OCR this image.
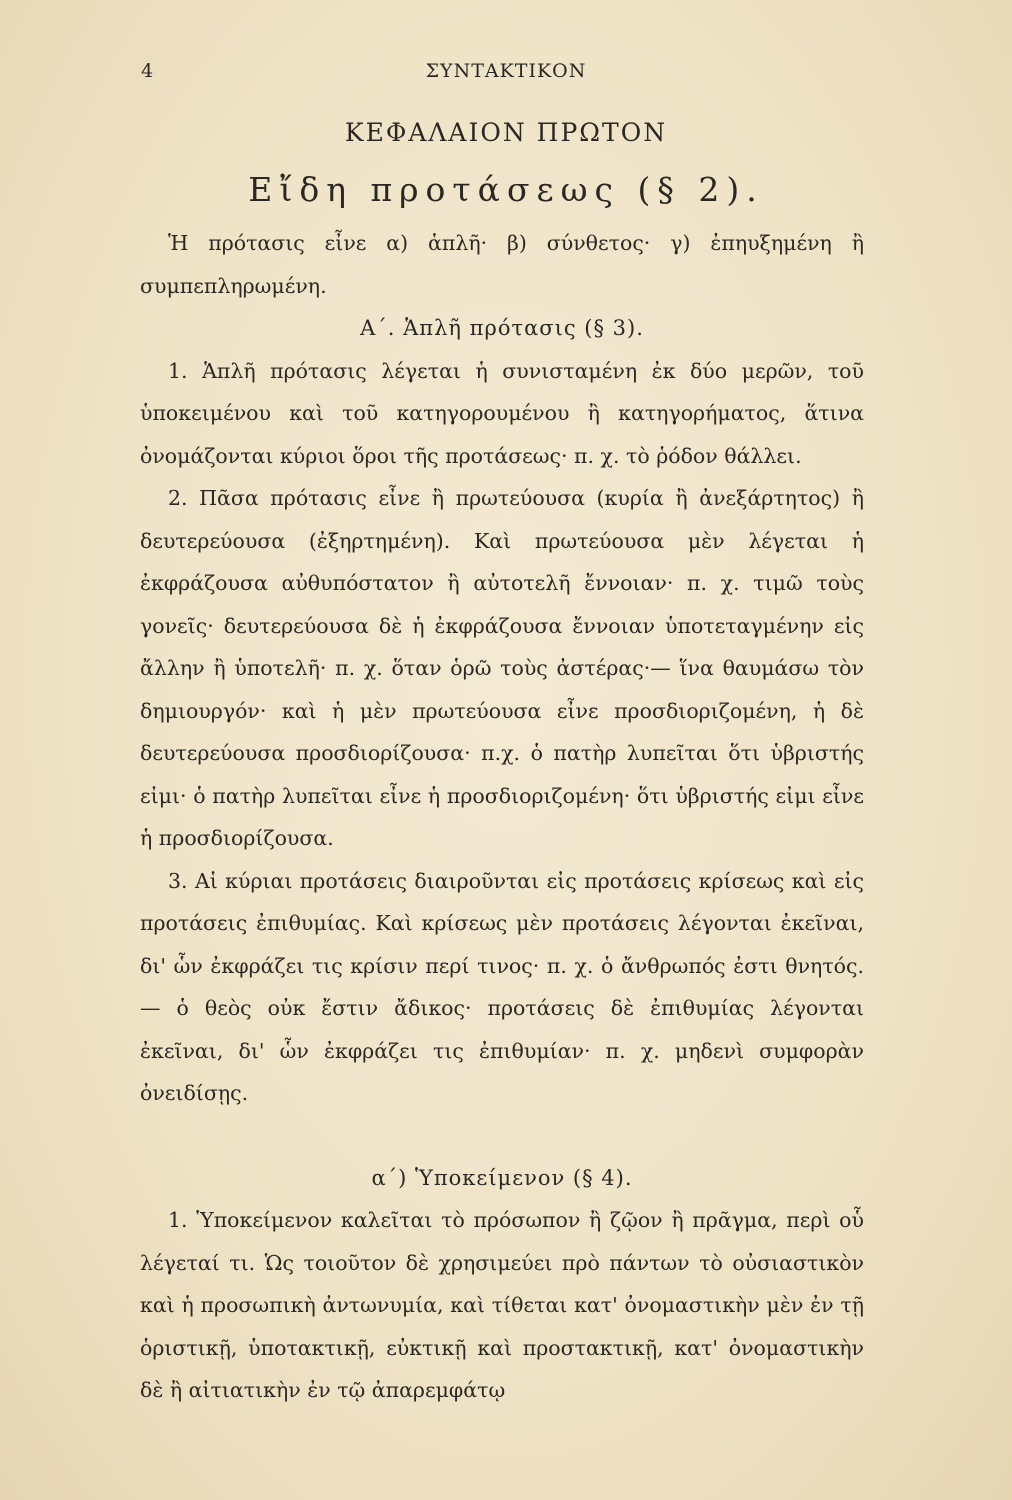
4	ΣΥΝΤΑΚΤΙΚΟΝ
ΚΕΦΑΛΑΙΟΝ ΠΡΩΤΟΝ
Εἴδη προτάσεως (§ 2).

Ἡ πρότασις εἶνε α) ἁπλῆ· β) σύνθετος· γ) ἐπηυξημένη ἢ συμπεπληρωμένη.

Α΄. Ἁπλῆ πρότασις (§ 3).

1. Ἁπλῆ πρότασις λέγεται ἡ συνισταμένη ἐκ δύο μερῶν, τοῦ ὑποκειμένου καὶ τοῦ κατηγορουμένου ἢ κατηγορήματος, ἅτινα ὀνομάζονται κύριοι ὅροι τῆς προτάσεως· π. χ. τὸ ῥόδον θάλλει.

2. Πᾶσα πρότασις εἶνε ἢ πρωτεύουσα (κυρία ἢ ἀνεξάρτητος) ἢ δευτερεύουσα (ἐξηρτημένη). Καὶ πρωτεύουσα μὲν λέγεται ἡ ἐκφράζουσα αὐθυπόστατον ἢ αὐτοτελῆ ἔννοιαν· π. χ. τιμῶ τοὺς γονεῖς· δευτερεύουσα δὲ ἡ ἐκφράζουσα ἔννοιαν ὑποτεταγμένην εἰς ἄλλην ἢ ὑποτελῆ· π. χ. ὅταν ὁρῶ τοὺς ἀστέρας·— ἵνα θαυμάσω τὸν δημιουργόν· καὶ ἡ μὲν πρωτεύουσα εἶνε προσδιοριζομένη, ἡ δὲ δευτερεύουσα προσδιορίζουσα· π.χ. ὁ πατὴρ λυπεῖται ὅτι ὑβριστής εἰμι· ὁ πατὴρ λυπεῖται εἶνε ἡ προσδιοριζομένη· ὅτι ὑβριστής εἰμι εἶνε ἡ προσδιορίζουσα.

3. Αἱ κύριαι προτάσεις διαιροῦνται εἰς προτάσεις κρίσεως καὶ εἰς προτάσεις ἐπιθυμίας. Καὶ κρίσεως μὲν προτάσεις λέγονται ἐκεῖναι, δι' ὧν ἐκφράζει τις κρίσιν περί τινος· π. χ. ὁ ἄνθρωπός ἐστι θνητός.— ὁ θεὸς οὐκ ἔστιν ἄδικος· προτάσεις δὲ ἐπιθυμίας λέγονται ἐκεῖναι, δι' ὧν ἐκφράζει τις ἐπιθυμίαν· π. χ. μηδενὶ συμφορὰν ὀνειδίσῃς.

α΄) Ὑποκείμενον (§ 4).

1. Ὑποκείμενον καλεῖται τὸ πρόσωπον ἢ ζῷον ἢ πρᾶγμα, περὶ οὗ λέγεταί τι. Ὡς τοιοῦτον δὲ χρησιμεύει πρὸ πάντων τὸ οὐσιαστικὸν καὶ ἡ προσωπικὴ ἀντωνυμία, καὶ τίθεται κατ' ὀνομαστικὴν μὲν ἐν τῇ ὁριστικῇ, ὑποτακτικῇ, εὐκτικῇ καὶ προστακτικῇ, κατ' ὀνομαστικὴν δὲ ἢ αἰτιατικὴν ἐν τῷ ἀπαρεμφάτῳ
